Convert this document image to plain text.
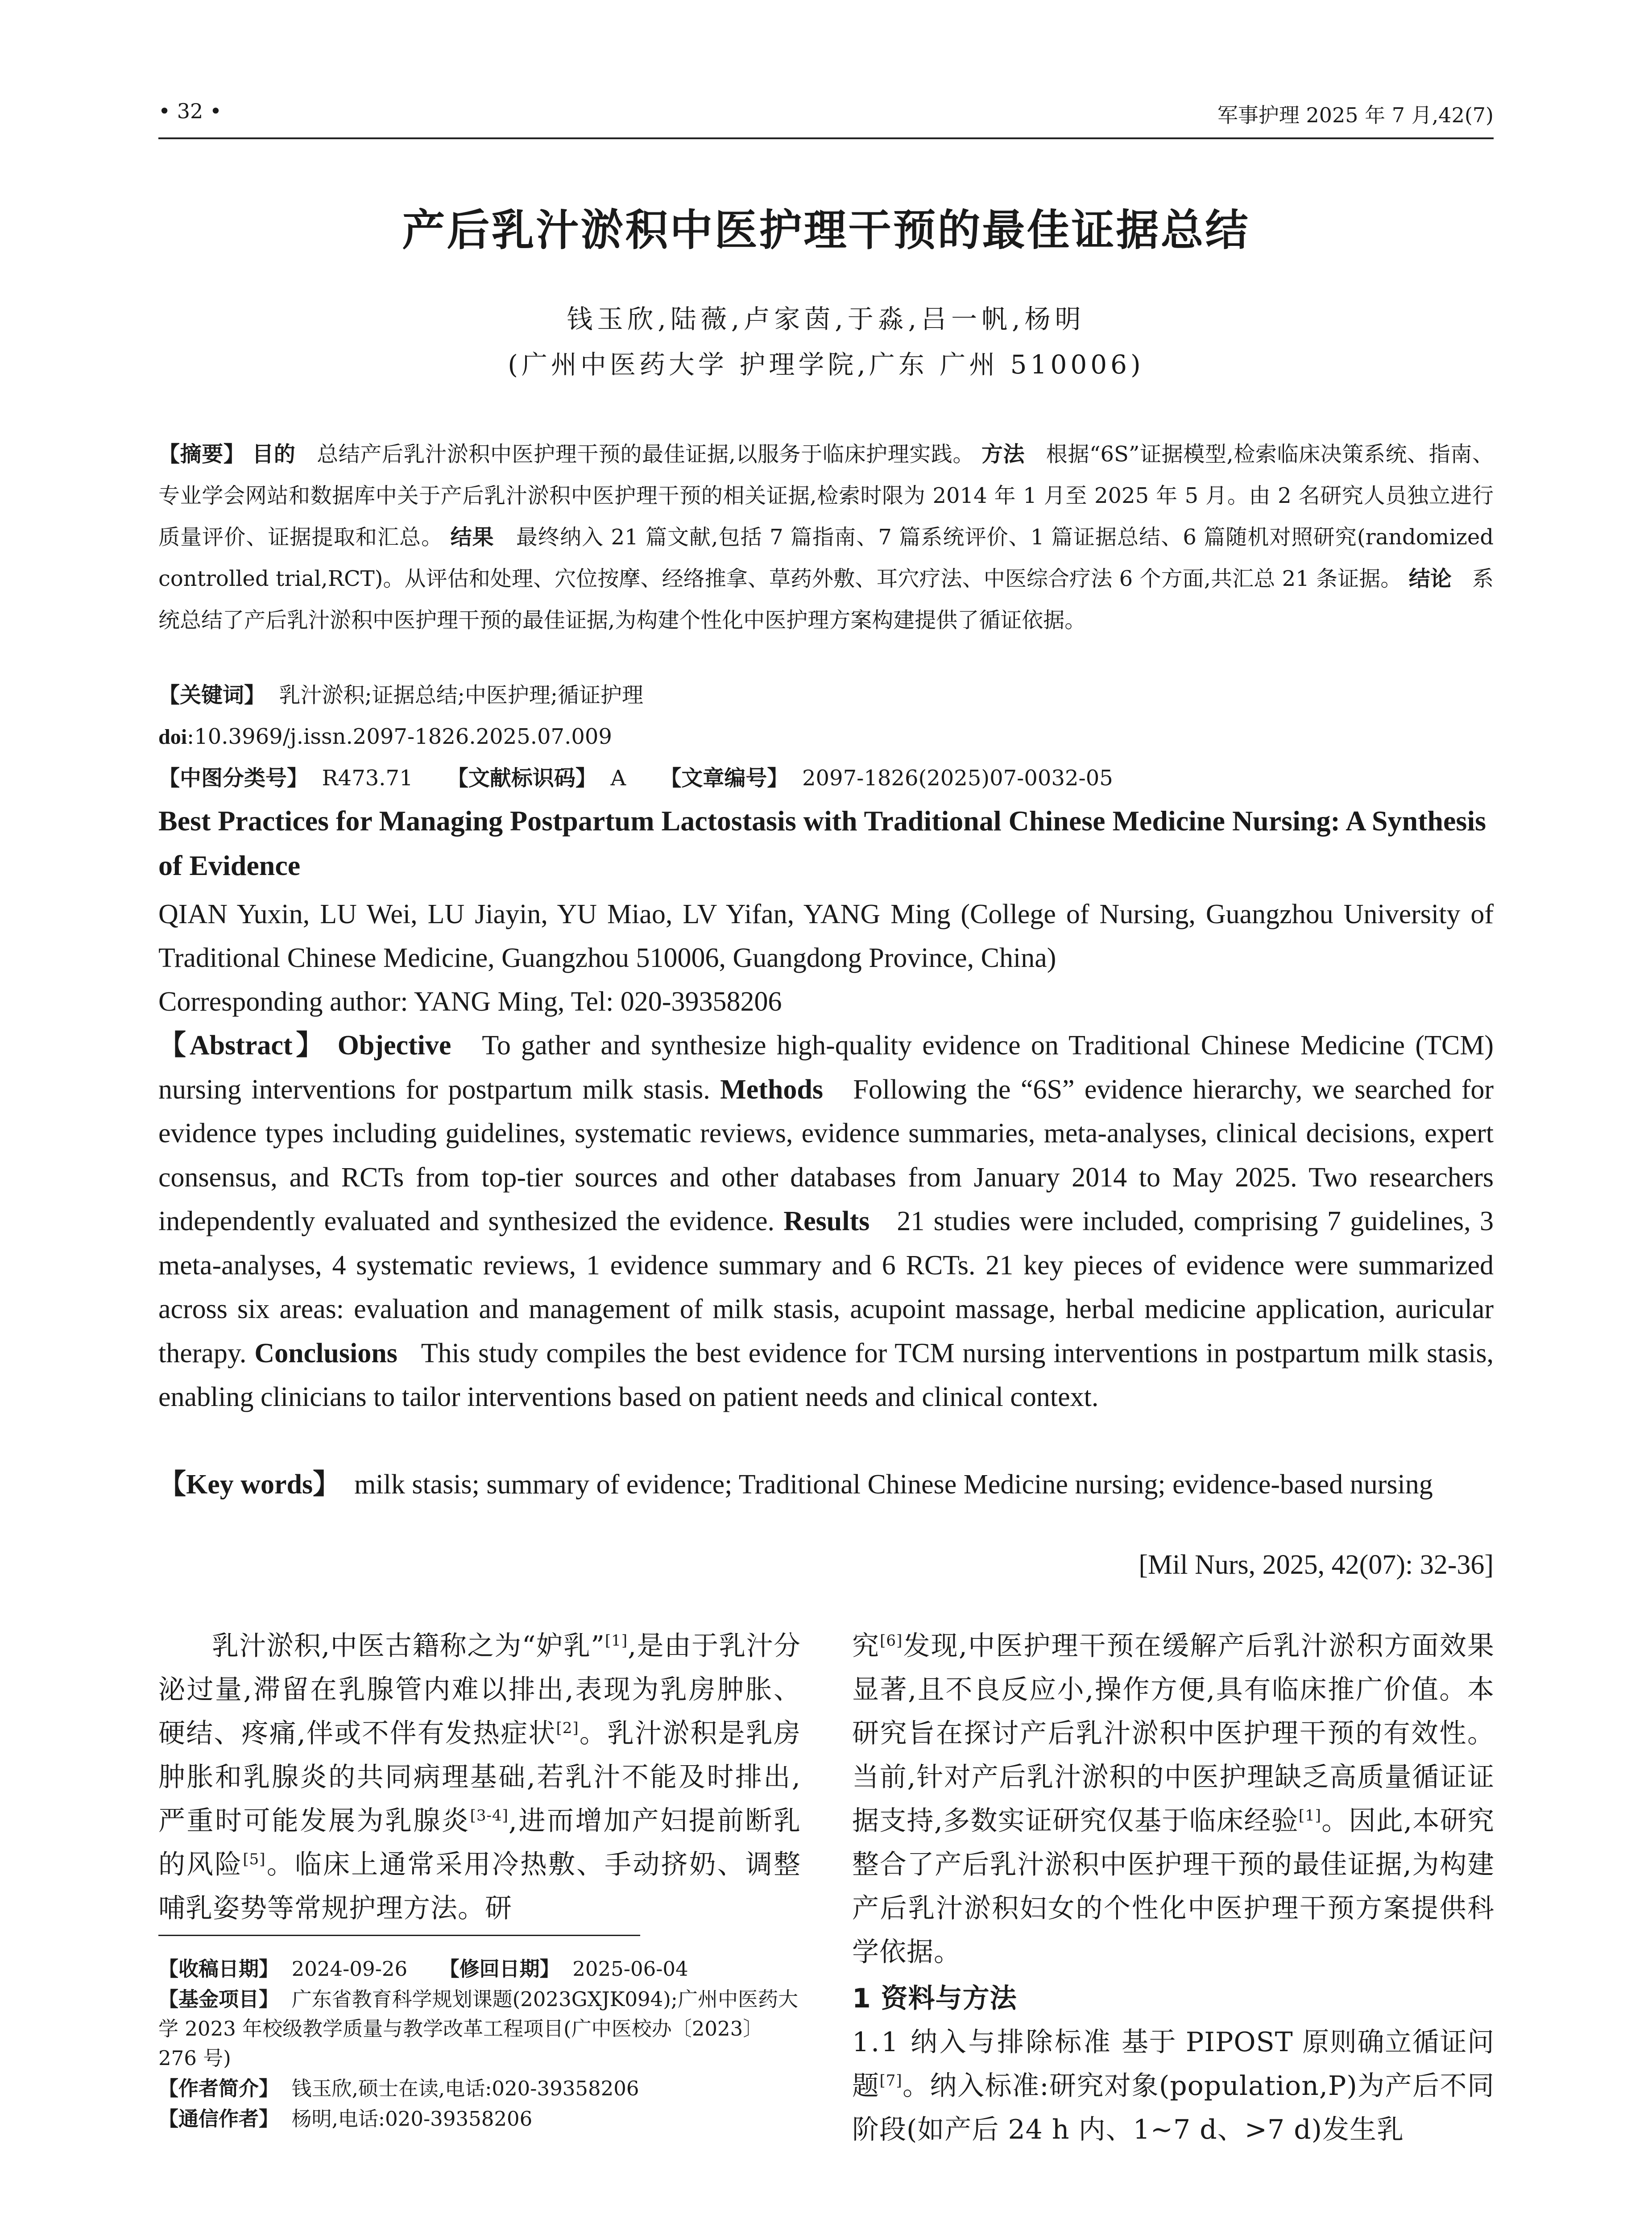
• 32 •	军事护理 2025 年 7 月,42(7)
产后乳汁淤积中医护理干预的最佳证据总结
钱玉欣,陆薇,卢家茵,于淼,吕一帆,杨明
(广州中医药大学 护理学院,广东 广州 510006)
【摘要】 目的 总结产后乳汁淤积中医护理干预的最佳证据,以服务于临床护理实践。 方法 根据“6S”证据模型,检索临床决策系统、指南、专业学会网站和数据库中关于产后乳汁淤积中医护理干预的相关证据,检索时限为 2014 年 1 月至 2025 年 5 月。由 2 名研究人员独立进行质量评价、证据提取和汇总。 结果 最终纳入 21 篇文献,包括 7 篇指南、7 篇系统评价、1 篇证据总结、6 篇随机对照研究(randomized controlled trial,RCT)。从评估和处理、穴位按摩、经络推拿、草药外敷、耳穴疗法、中医综合疗法 6 个方面,共汇总 21 条证据。 结论 系统总结了产后乳汁淤积中医护理干预的最佳证据,为构建个性化中医护理方案构建提供了循证依据。
【关键词】 乳汁淤积;证据总结;中医护理;循证护理
doi:10.3969/j.issn.2097-1826.2025.07.009
【中图分类号】 R473.71 【文献标识码】 A 【文章编号】 2097-1826(2025)07-0032-05
Best Practices for Managing Postpartum Lactostasis with Traditional Chinese Medicine Nursing: A Synthesis of Evidence
QIAN Yuxin, LU Wei, LU Jiayin, YU Miao, LV Yifan, YANG Ming (College of Nursing, Guangzhou University of Traditional Chinese Medicine, Guangzhou 510006, Guangdong Province, China)
Corresponding author: YANG Ming, Tel: 020-39358206
【Abstract】 Objective To gather and synthesize high-quality evidence on Traditional Chinese Medicine (TCM) nursing interventions for postpartum milk stasis. Methods Following the “6S” evidence hierarchy, we searched for evidence types including guidelines, systematic reviews, evidence summaries, meta-analyses, clinical decisions, expert consensus, and RCTs from top-tier sources and other databases from January 2014 to May 2025. Two researchers independently evaluated and synthesized the evidence. Results 21 studies were included, comprising 7 guidelines, 3 meta-analyses, 4 systematic reviews, 1 evidence summary and 6 RCTs. 21 key pieces of evidence were summarized across six areas: evaluation and management of milk stasis, acupoint massage, herbal medicine application, auricular therapy. Conclusions This study compiles the best evidence for TCM nursing interventions in postpartum milk stasis, enabling clinicians to tailor interventions based on patient needs and clinical context.
【Key words】 milk stasis; summary of evidence; Traditional Chinese Medicine nursing; evidence-based nursing
[Mil Nurs, 2025, 42(07): 32-36]

乳汁淤积,中医古籍称之为“妒乳”[1],是由于乳汁分泌过量,滞留在乳腺管内难以排出,表现为乳房肿胀、硬结、疼痛,伴或不伴有发热症状[2]。乳汁淤积是乳房肿胀和乳腺炎的共同病理基础,若乳汁不能及时排出,严重时可能发展为乳腺炎[3-4],进而增加产妇提前断乳的风险[5]。临床上通常采用冷热敷、手动挤奶、调整哺乳姿势等常规护理方法。研

【收稿日期】 2024-09-26 【修回日期】 2025-06-04

【基金项目】 广东省教育科学规划课题(2023GXJK094);广州中医药大学 2023 年校级教学质量与教学改革工程项目(广中医校办〔2023〕276 号)

【作者简介】 钱玉欣,硕士在读,电话:020-39358206

【通信作者】 杨明,电话:020-39358206

究[6]发现,中医护理干预在缓解产后乳汁淤积方面效果显著,且不良反应小,操作方便,具有临床推广价值。本研究旨在探讨产后乳汁淤积中医护理干预的有效性。当前,针对产后乳汁淤积的中医护理缺乏高质量循证证据支持,多数实证研究仅基于临床经验[1]。因此,本研究整合了产后乳汁淤积中医护理干预的最佳证据,为构建产后乳汁淤积妇女的个性化中医护理干预方案提供科学依据。

1 资料与方法

1.1 纳入与排除标准 基于 PIPOST 原则确立循证问题[7]。纳入标准:研究对象(population,P)为产后不同阶段(如产后 24 h 内、1~7 d、>7 d)发生乳
